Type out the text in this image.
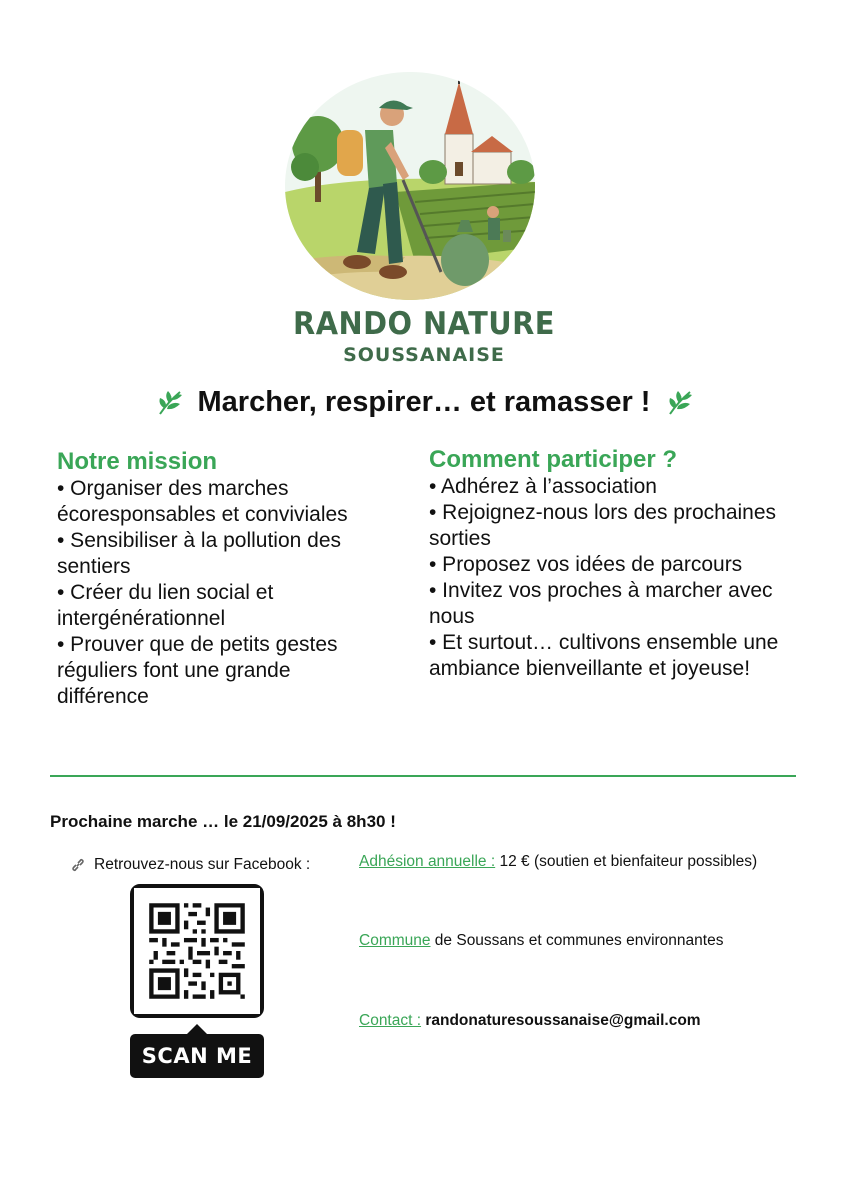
RANDO NATURE
SOUSSANAISE
Marcher, respirer… et ramasser !
Notre mission
• Organiser des marches écoresponsables et conviviales
• Sensibiliser à la pollution des sentiers
• Créer du lien social et intergénérationnel
• Prouver que de petits gestes réguliers font une grande différence
Comment participer ?
• Adhérez à l’association
• Rejoignez-nous lors des prochaines sorties
• Proposez vos idées de parcours
• Invitez vos proches à marcher avec nous
• Et surtout… cultivons ensemble une ambiance bienveillante et joyeuse!
Prochaine marche … le 21/09/2025 à 8h30 !
Retrouvez-nous sur Facebook :
SCAN ME
Adhésion annuelle : 12 € (soutien et bienfaiteur possibles)
Commune de Soussans et communes environnantes
Contact : randonaturesoussanaise@gmail.com
